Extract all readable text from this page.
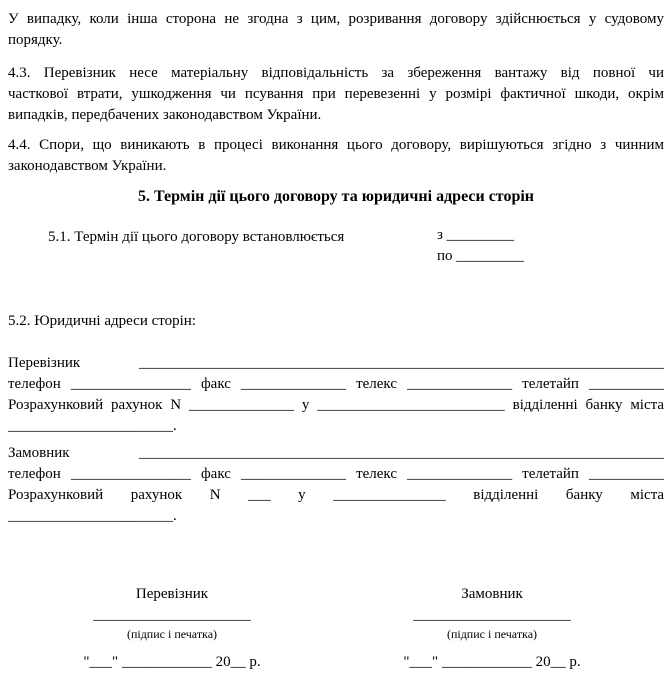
У випадку, коли інша сторона не згодна з цим, розривання договору здійснюється у судовому
порядку.
4.3. Перевізник несе матеріальну відповідальність за збереження вантажу від повної чи
часткової втрати, ушкодження чи псування при перевезенні у розмірі фактичної шкоди, окрім
випадків, передбачених законодавством України.
4.4. Спори, що виникають в процесі виконання цього договору, вирішуються згідно з чинним
законодавством України.
5. Термін дії цього договору та юридичні адреси сторін
5.1. Термін дії цього договору встановлюється	з _________
по _________
5.2. Юридичні адреси сторін:
Перевізник	______________________________________________________________________
телефон ________________ факс ______________ телекс ______________ телетайп __________
Розрахунковий рахунок N ______________ у _________________________ відділенні банку міста
______________________.
Замовник	______________________________________________________________________
телефон ________________ факс ______________ телекс ______________ телетайп __________
Розрахунковий рахунок N ___ у _______________ відділенні банку міста
______________________.
Перевізник
_____________________
(підпис і печатка)
"___" ____________ 20__ р.
Замовник
_____________________
(підпис і печатка)
"___" ____________ 20__ р.
